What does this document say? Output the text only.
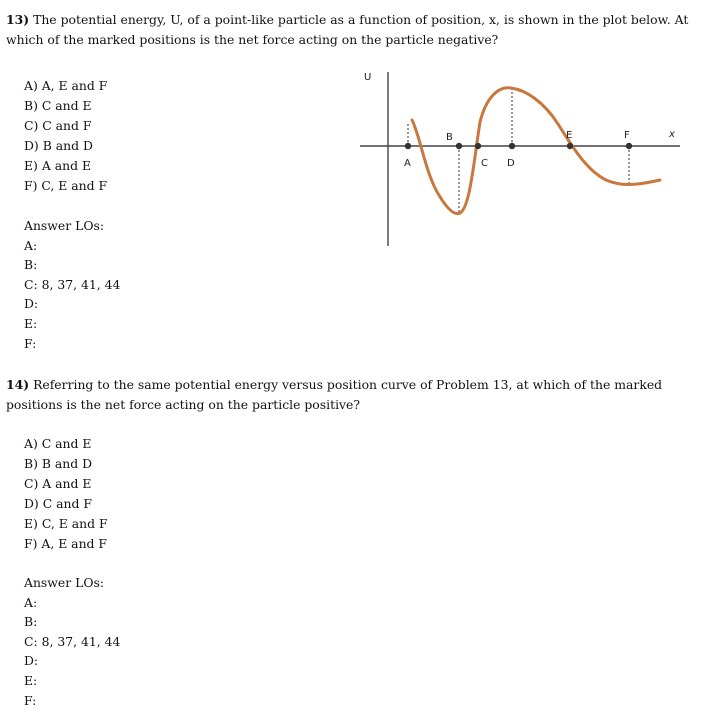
13) The potential energy, U, of a point-like particle as a function of position, x, is shown in the plot below. At which of the marked positions is the net force acting on the particle negative?

A) A, E and F
B) C and E
C) C and F
D) B and D
E) A and E
F) C, E and F
Answer LOs:
A:
B:
C: 8, 37, 41, 44
D:
E:
F:
U
x
A
B
C D
E	F

14) Referring to the same potential energy versus position curve of Problem 13, at which of the marked positions is the net force acting on the particle positive?

A) C and E
B) B and D
C) A and E
D) C and F
E) C, E and F
F) A, E and F
Answer LOs:
A:
B:
C: 8, 37, 41, 44
D:
E:
F:
